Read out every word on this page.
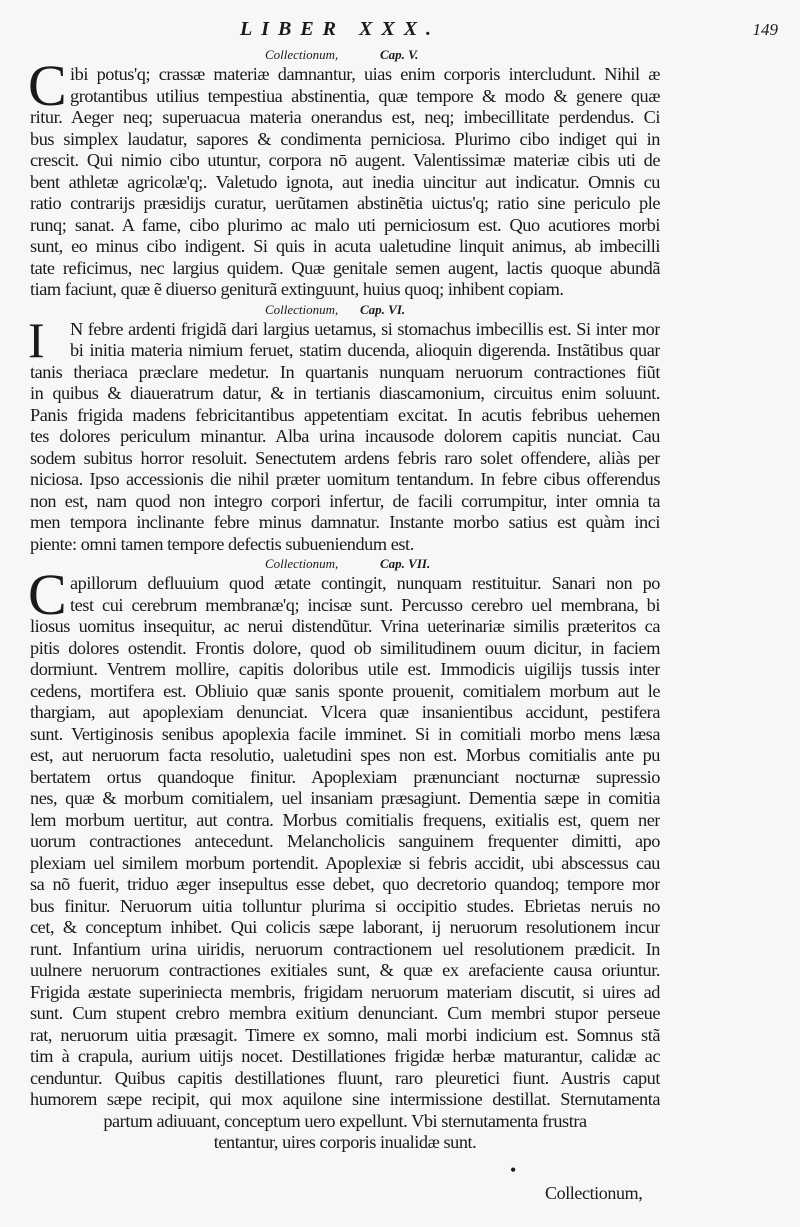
LIBER XXX.	149
Collectionum,	Cap. V.
C ibi potus'q; crassæ materiæ damnantur, uias enim corporis intercludunt. Nihil æ
grotantibus utilius tempestiua abstinentia, quæ tempore & modo & genere quæ
ritur. Aeger neq; superuacua materia onerandus est, neq; imbecillitate perdendus. Ci
bus simplex laudatur, sapores & condimenta perniciosa. Plurimo cibo indiget qui in
crescit. Qui nimio cibo utuntur, corpora nō augent. Valentissimæ materiæ cibis uti de
bent athletæ agricolæ'q;. Valetudo ignota, aut inedia uincitur aut indicatur. Omnis cu
ratio contrarijs præsidijs curatur, uerũtamen abstinẽtia uictus'q; ratio sine periculo ple
runq; sanat. A fame, cibo plurimo ac malo uti perniciosum est. Quo acutiores morbi
sunt, eo minus cibo indigent. Si quis in acuta ualetudine linquit animus, ab imbecilli
tate reficimus, nec largius quidem. Quæ genitale semen augent, lactis quoque abundã
tiam faciunt, quæ ẽ diuerso geniturã extinguunt, huius quoq; inhibent copiam.
Collectionum, Cap. VI.
I	N febre ardenti frigidã dari largius uetamus, si stomachus imbecillis est. Si inter mor
bi initia materia nimium feruet, statim ducenda, alioquin digerenda. Instãtibus quar
tanis theriaca præclare medetur. In quartanis nunquam neruorum contractiones fiũt
in quibus & diaueratrum datur, & in tertianis diascamonium, circuitus enim soluunt.
Panis frigida madens febricitantibus appetentiam excitat. In acutis febribus uehemen
tes dolores periculum minantur. Alba urina incausode dolorem capitis nunciat. Cau
sodem subitus horror resoluit. Senectutem ardens febris raro solet offendere, aliàs per
niciosa. Ipso accessionis die nihil præter uomitum tentandum. In febre cibus offerendus
non est, nam quod non integro corpori infertur, de facili corrumpitur, inter omnia ta
men tempora inclinante febre minus damnatur. Instante morbo satius est quàm inci
piente: omni tamen tempore defectis subueniendum est.
Collectionum,	Cap. VII.
C apillorum defluuium quod ætate contingit, nunquam restituitur. Sanari non po
test cui cerebrum membranæ'q; incisæ sunt. Percusso cerebro uel membrana, bi
liosus uomitus insequitur, ac nerui distendũtur. Vrina ueterinariæ similis præteritos ca
pitis dolores ostendit. Frontis dolore, quod ob similitudinem ouum dicitur, in faciem
dormiunt. Ventrem mollire, capitis doloribus utile est. Immodicis uigilijs tussis inter
cedens, mortifera est. Obliuio quæ sanis sponte prouenit, comitialem morbum aut le
thargiam, aut apoplexiam denunciat. Vlcera quæ insanientibus accidunt, pestifera
sunt. Vertiginosis senibus apoplexia facile imminet. Si in comitiali morbo mens læsa
est, aut neruorum facta resolutio, ualetudini spes non est. Morbus comitialis ante pu
bertatem ortus quandoque finitur. Apoplexiam prænunciant nocturnæ supressio
nes, quæ & morbum comitialem, uel insaniam præsagiunt. Dementia sæpe in comitia
lem morbum uertitur, aut contra. Morbus comitialis frequens, exitialis est, quem ner
uorum contractiones antecedunt. Melancholicis sanguinem frequenter dimitti, apo
plexiam uel similem morbum portendit. Apoplexiæ si febris accidit, ubi abscessus cau
sa nõ fuerit, triduo æger insepultus esse debet, quo decretorio quandoq; tempore mor
bus finitur. Neruorum uitia tolluntur plurima si occipitio studes. Ebrietas neruis no
cet, & conceptum inhibet. Qui colicis sæpe laborant, ij neruorum resolutionem incur
runt. Infantium urina uiridis, neruorum contractionem uel resolutionem prædicit. In
uulnere neruorum contractiones exitiales sunt, & quæ ex arefaciente causa oriuntur.
Frigida æstate superiniecta membris, frigidam neruorum materiam discutit, si uires ad
sunt. Cum stupent crebro membra exitium denunciant. Cum membri stupor perseue
rat, neruorum uitia præsagit. Timere ex somno, mali morbi indicium est. Somnus stã
tim à crapula, aurium uitijs nocet. Destillationes frigidæ herbæ maturantur, calidæ ac
cenduntur. Quibus capitis destillationes fluunt, raro pleuretici fiunt. Austris caput
humorem sæpe recipit, qui mox aquilone sine intermissione destillat. Sternutamenta
partum adiuuant, conceptum uero expellunt. Vbi sternutamenta frustra
tentantur, uires corporis inualidæ sunt.
•
Collectionum,
